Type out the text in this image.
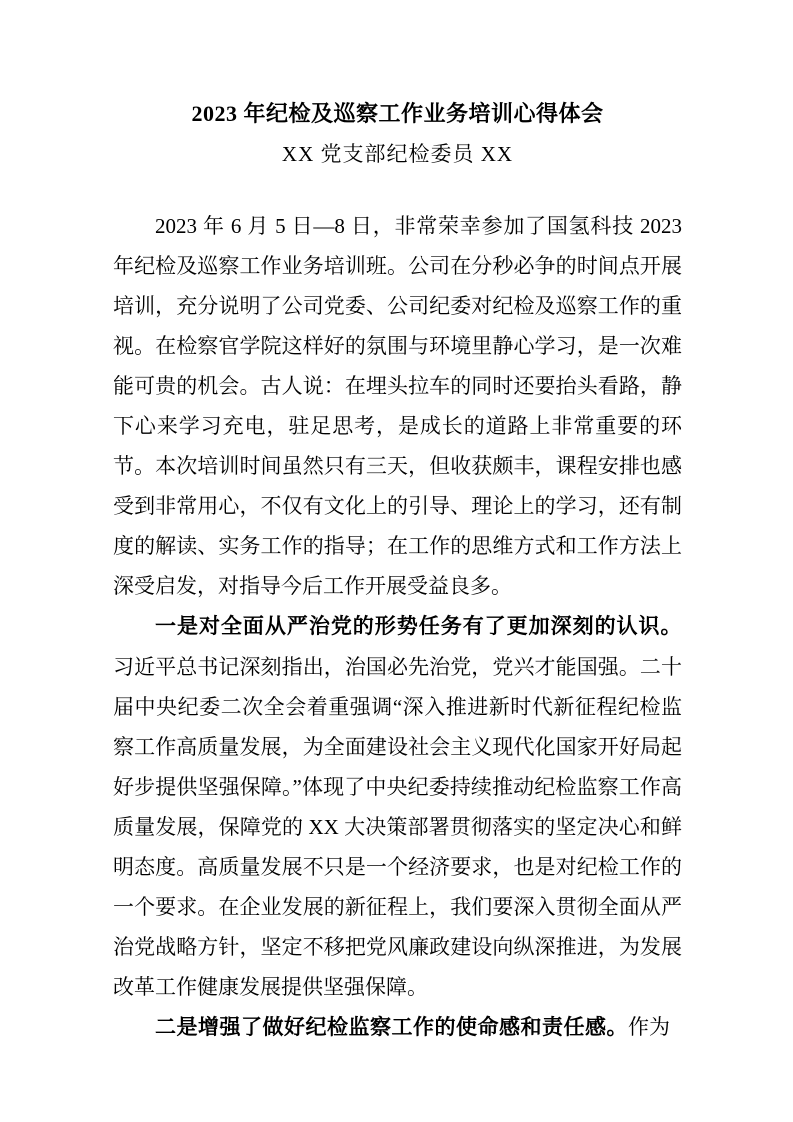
2023 年纪检及巡察工作业务培训心得体会
XX 党支部纪检委员 XX

2023 年 6 月 5 日—8 日，非常荣幸参加了国氢科技 2023 年纪检及巡察工作业务培训班。公司在分秒必争的时间点开展培训，充分说明了公司党委、公司纪委对纪检及巡察工作的重视。在检察官学院这样好的氛围与环境里静心学习，是一次难能可贵的机会。古人说：在埋头拉车的同时还要抬头看路，静下心来学习充电，驻足思考，是成长的道路上非常重要的环节。本次培训时间虽然只有三天，但收获颇丰，课程安排也感受到非常用心，不仅有文化上的引导、理论上的学习，还有制度的解读、实务工作的指导；在工作的思维方式和工作方法上深受启发，对指导今后工作开展受益良多。

一是对全面从严治党的形势任务有了更加深刻的认识。习近平总书记深刻指出，治国必先治党，党兴才能国强。二十届中央纪委二次全会着重强调“深入推进新时代新征程纪检监察工作高质量发展，为全面建设社会主义现代化国家开好局起好步提供坚强保障。”体现了中央纪委持续推动纪检监察工作高质量发展，保障党的 XX 大决策部署贯彻落实的坚定决心和鲜明态度。高质量发展不只是一个经济要求，也是对纪检工作的一个要求。在企业发展的新征程上，我们要深入贯彻全面从严治党战略方针，坚定不移把党风廉政建设向纵深推进，为发展改革工作健康发展提供坚强保障。

二是增强了做好纪检监察工作的使命感和责任感。作为
